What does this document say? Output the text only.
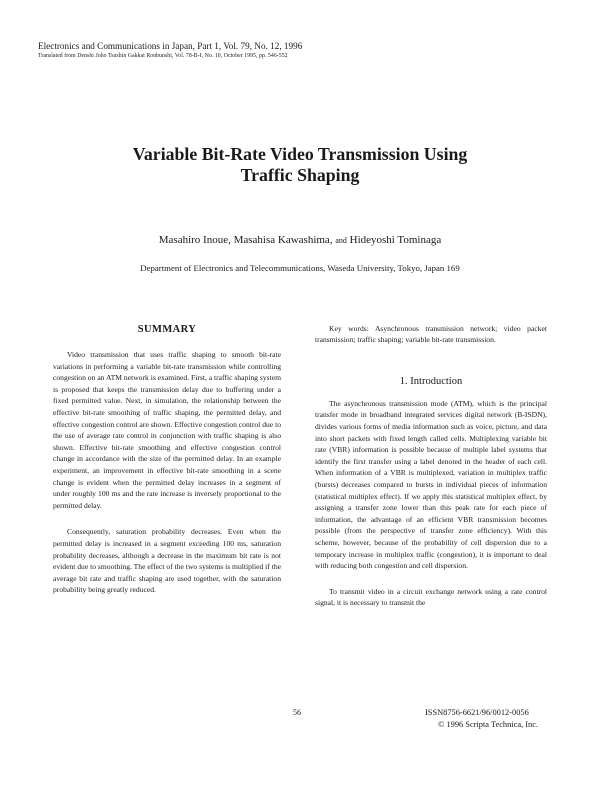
Electronics and Communications in Japan, Part 1, Vol. 79, No. 12, 1996
Translated from Denshi Joho Tsushin Gakkai Ronbunshi, Vol. 78-B-I, No. 10, October 1995, pp. 546-552
Variable Bit-Rate Video Transmission Using
Traffic Shaping
Masahiro Inoue, Masahisa Kawashima, and Hideyoshi Tominaga
Department of Electronics and Telecommunications, Waseda University, Tokyo, Japan 169
SUMMARY

Video transmission that uses traffic shaping to smooth bit-rate variations in performing a variable bit-rate transmission while controlling congestion on an ATM network is examined. First, a traffic shaping system is proposed that keeps the transmission delay due to buffering under a fixed permitted value. Next, in simulation, the relationship between the effective bit-rate smoothing of traffic shaping, the permitted delay, and effective congestion control are shown. Effective congestion control due to the use of average rate control in conjunction with traffic shaping is also shown. Effective bit-rate smoothing and effective congestion control change in accordance with the size of the permitted delay. In an example experiment, an improvement in effective bit-rate smoothing in a scene change is evident when the permitted delay increases in a segment of under roughly 100 ms and the rate increase is inversely proportional to the permitted delay.

Consequently, saturation probability decreases. Even when the permitted delay is increased in a segment exceeding 100 ms, saturation probability decreases, although a decrease in the maximum bit rate is not evident due to smoothing. The effect of the two systems is multiplied if the average bit rate and traffic shaping are used together, with the saturation probability being greatly reduced.

Key words: Asynchronous transmission network; video packet transmission; traffic shaping; variable bit-rate transmission.

1. Introduction

The asynchronous transmission mode (ATM), which is the principal transfer mode in broadband integrated services digital network (B-ISDN), divides various forms of media information such as voice, picture, and data into short packets with fixed length called cells. Multiplexing variable bit rate (VBR) information is possible because of multiple label systems that identify the first transfer using a label denoted in the header of each cell. When information of a VBR is multiplexed, variation in multiplex traffic (bursts) decreases compared to bursts in individual pieces of information (statistical multiplex effect). If we apply this statistical multiplex effect, by assigning a transfer zone lower than this peak rate for each piece of information, the advantage of an efficient VBR transmission becomes possible (from the perspective of transfer zone efficiency). With this scheme, however, because of the probability of cell dispersion due to a temporary increase in multiplex traffic (congestion), it is important to deal with reducing both congestion and cell dispersion.

To transmit video in a circuit exchange network using a rate control signal, it is necessary to transmit the

56	ISSN8756-6621/96/0012-0056
© 1996 Scripta Technica, Inc.
